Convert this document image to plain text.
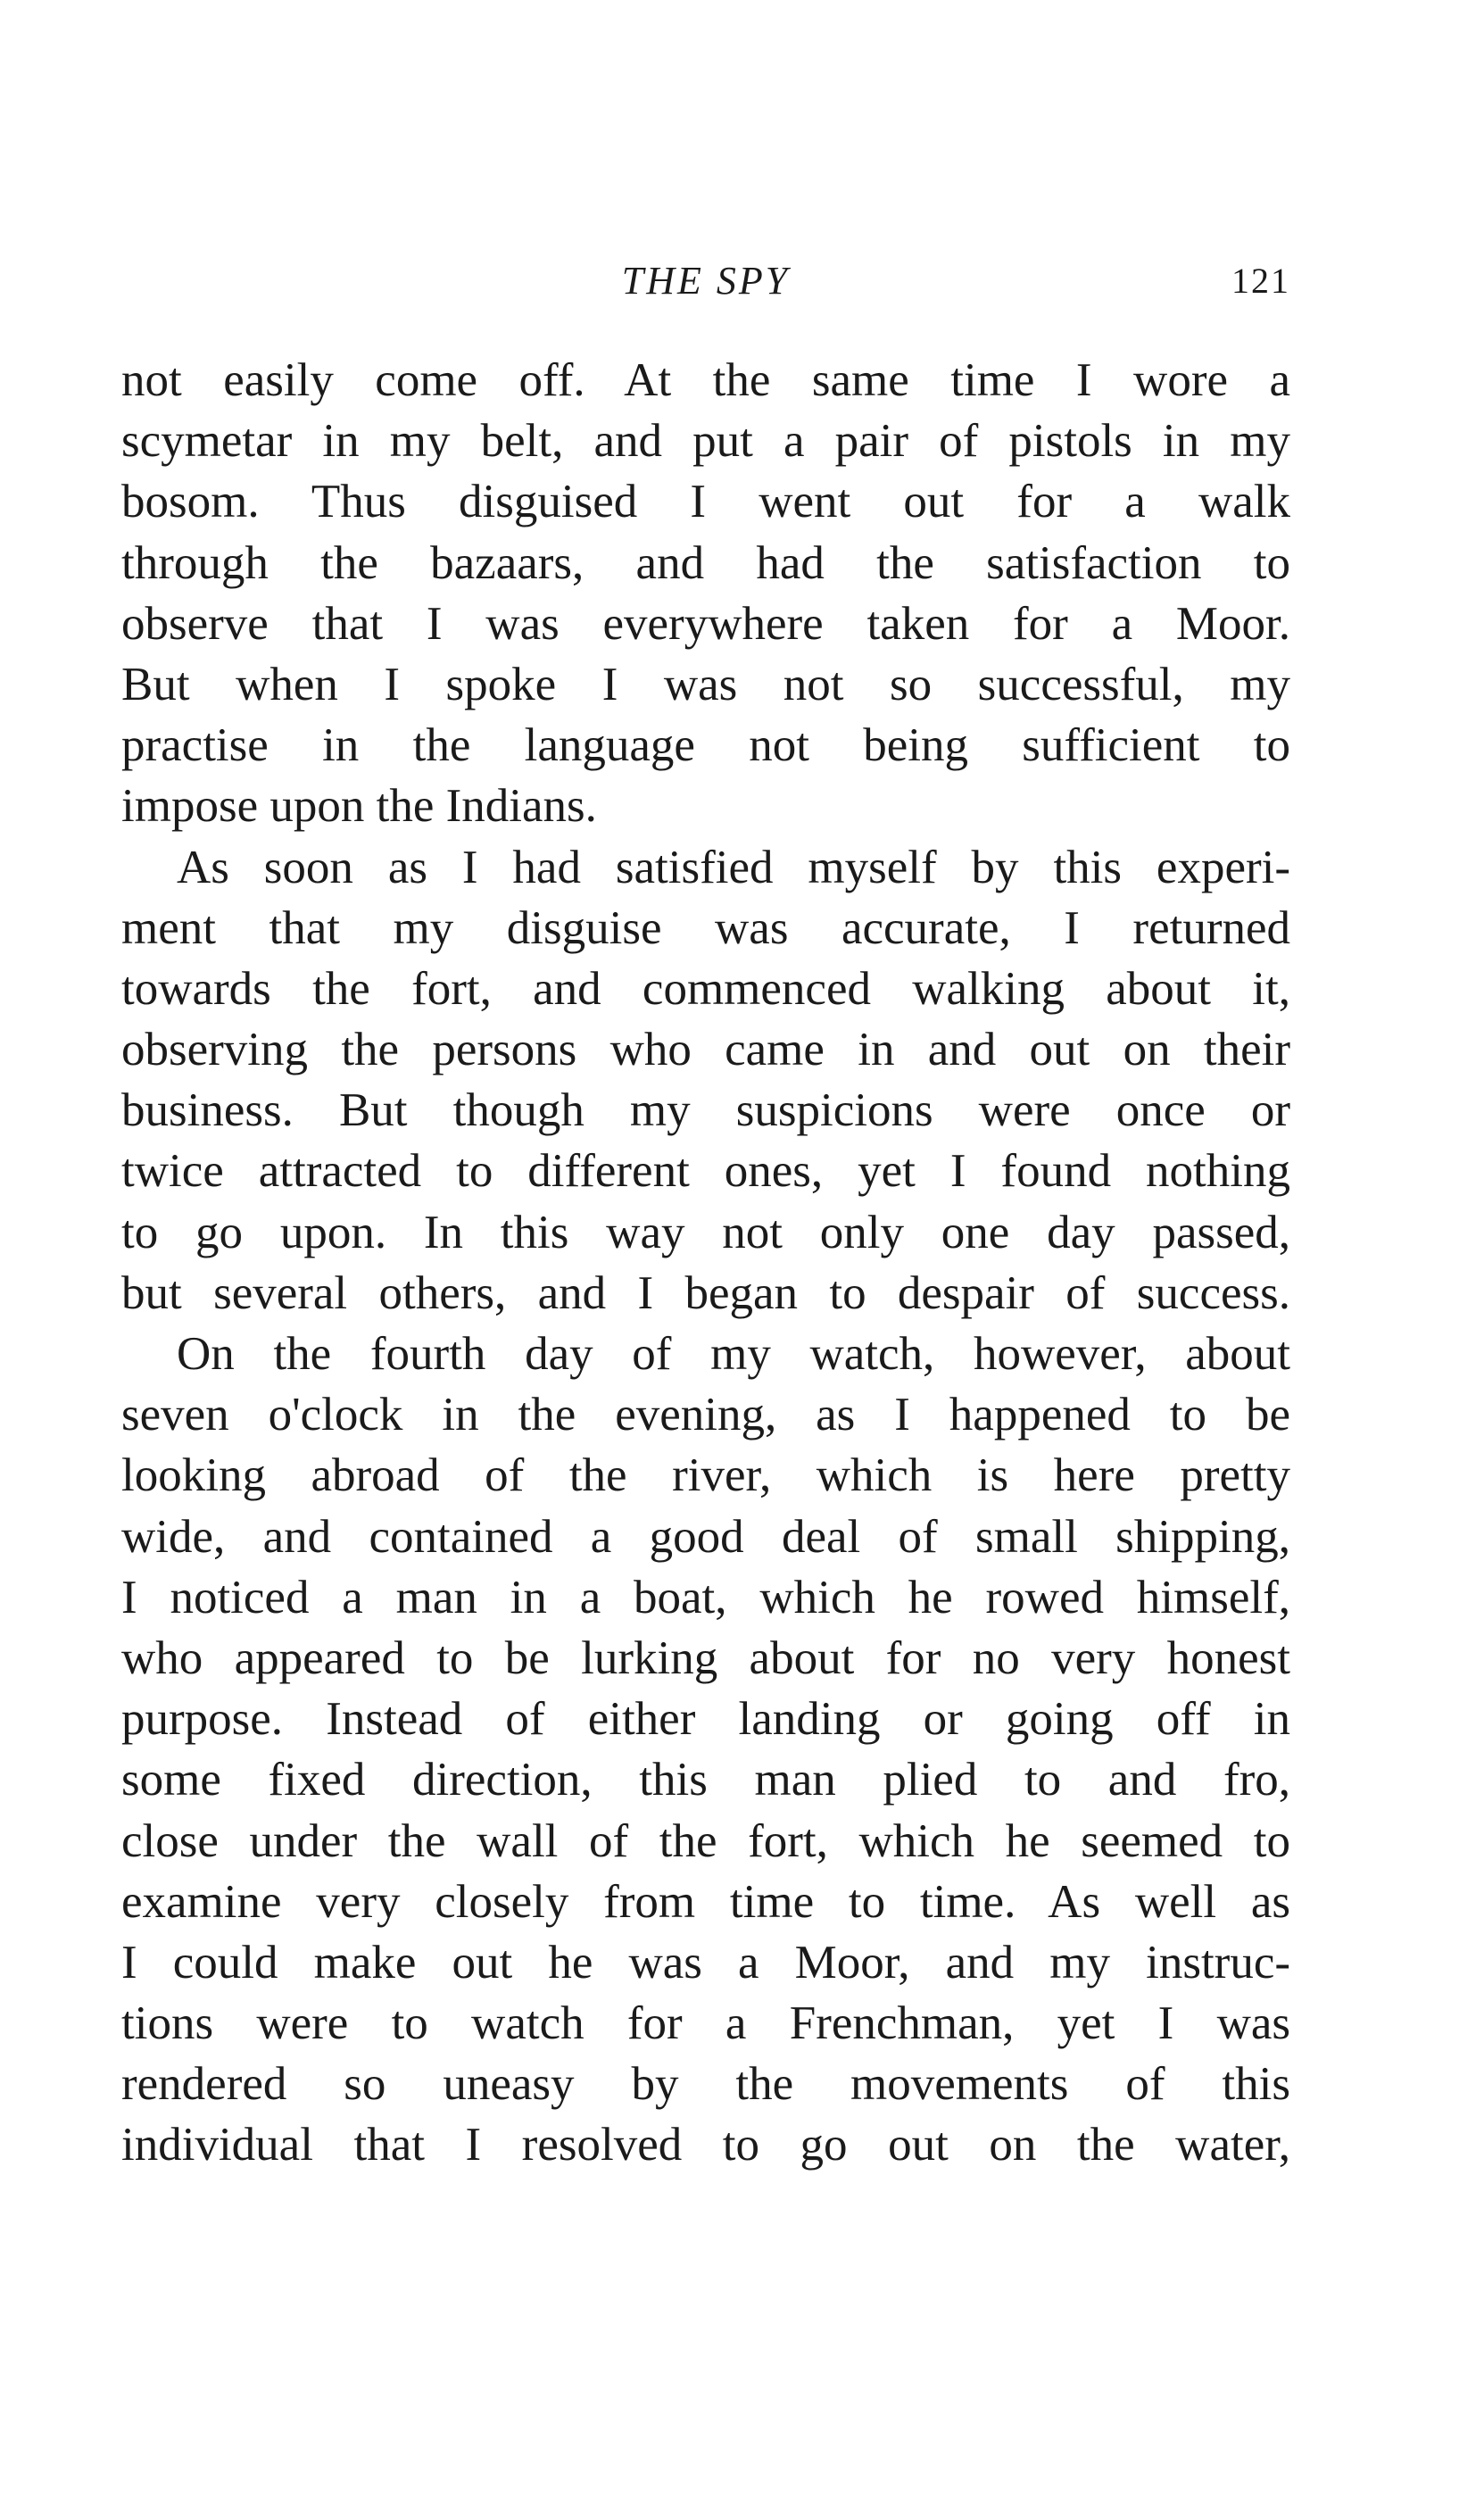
THE SPY	121
not easily come off. At the same time I wore a
scymetar in my belt, and put a pair of pistols in my
bosom. Thus disguised I went out for a walk
through the bazaars, and had the satisfaction to
observe that I was everywhere taken for a Moor.
But when I spoke I was not so successful, my
practise in the language not being sufficient to
impose upon the Indians.
As soon as I had satisfied myself by this experi-
ment that my disguise was accurate, I returned
towards the fort, and commenced walking about it,
observing the persons who came in and out on their
business. But though my suspicions were once or
twice attracted to different ones, yet I found nothing
to go upon. In this way not only one day passed,
but several others, and I began to despair of success.
On the fourth day of my watch, however, about
seven o'clock in the evening, as I happened to be
looking abroad of the river, which is here pretty
wide, and contained a good deal of small shipping,
I noticed a man in a boat, which he rowed himself,
who appeared to be lurking about for no very honest
purpose. Instead of either landing or going off in
some fixed direction, this man plied to and fro,
close under the wall of the fort, which he seemed to
examine very closely from time to time. As well as
I could make out he was a Moor, and my instruc-
tions were to watch for a Frenchman, yet I was
rendered so uneasy by the movements of this
individual that I resolved to go out on the water,
